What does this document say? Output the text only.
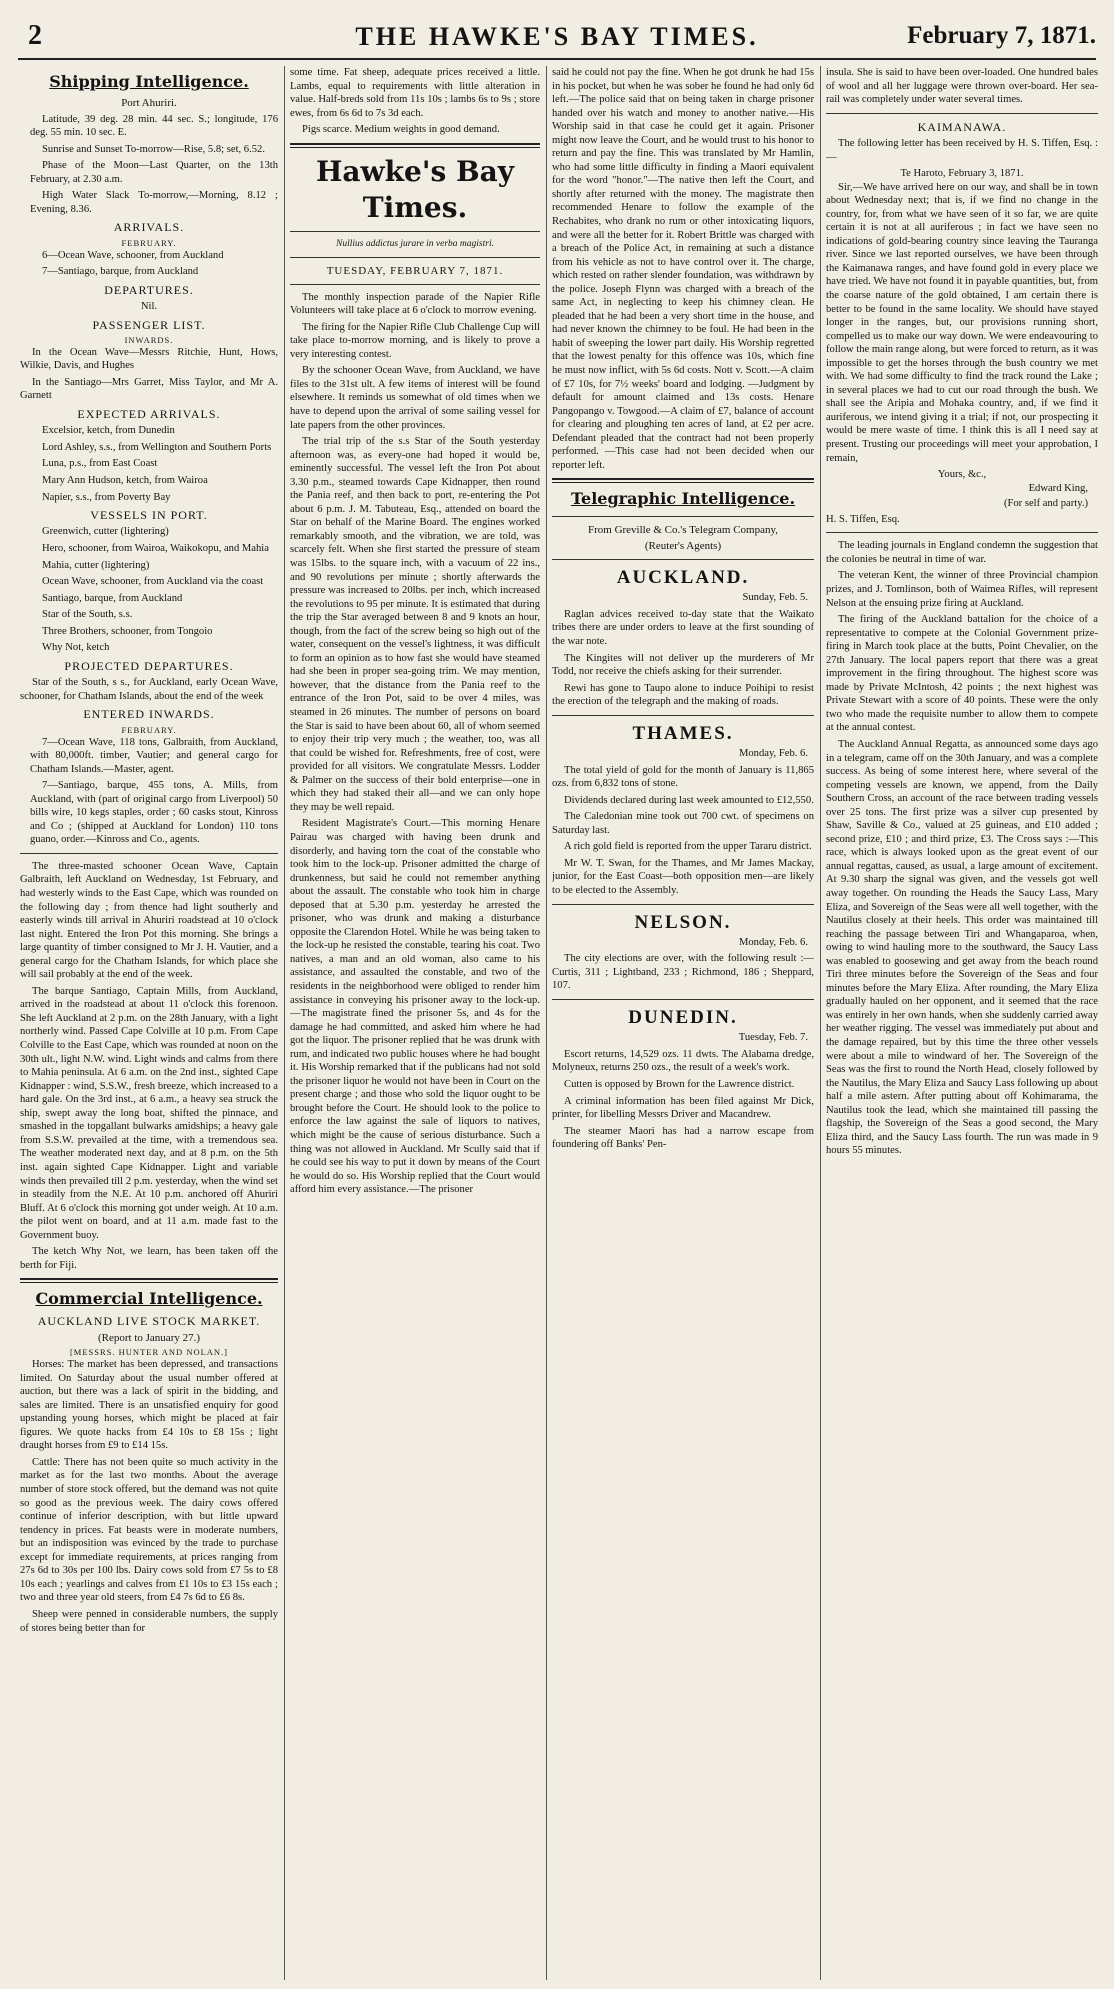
2	THE HAWKE'S BAY TIMES.	February 7, 1871.
Shipping Intelligence.
Port Ahuriri.

Latitude, 39 deg. 28 min. 44 sec. S.; longitude, 176 deg. 55 min. 10 sec. E.

Sunrise and Sunset To-morrow—Rise, 5.8; set, 6.52.

Phase of the Moon—Last Quarter, on the 13th February, at 2.30 a.m.

High Water Slack To-morrow,—Morning, 8.12 ; Evening, 8.36.

ARRIVALS.
FEBRUARY.

6—Ocean Wave, schooner, from Auckland

7—Santiago, barque, from Auckland

DEPARTURES.
Nil.
PASSENGER LIST.
INWARDS.

In the Ocean Wave—Messrs Ritchie, Hunt, Hows, Wilkie, Davis, and Hughes

In the Santiago—Mrs Garret, Miss Taylor, and Mr A. Garnett

EXPECTED ARRIVALS.

Excelsior, ketch, from Dunedin

Lord Ashley, s.s., from Wellington and Southern Ports

Luna, p.s., from East Coast

Mary Ann Hudson, ketch, from Wairoa

Napier, s.s., from Poverty Bay

VESSELS IN PORT.

Greenwich, cutter (lightering)

Hero, schooner, from Wairoa, Waikokopu, and Mahia

Mahia, cutter (lightering)

Ocean Wave, schooner, from Auckland via the coast

Santiago, barque, from Auckland

Star of the South, s.s.

Three Brothers, schooner, from Tongoio

Why Not, ketch

PROJECTED DEPARTURES.

Star of the South, s s., for Auckland, early Ocean Wave, schooner, for Chatham Islands, about the end of the week

ENTERED INWARDS.
FEBRUARY.

7—Ocean Wave, 118 tons, Galbraith, from Auckland, with 80,000ft. timber, Vautier; and general cargo for Chatham Islands.—Master, agent.

7—Santiago, barque, 455 tons, A. Mills, from Auckland, with (part of original cargo from Liverpool) 50 bills wire, 10 kegs staples, order ; 60 casks stout, Kinross and Co ; (shipped at Auckland for London) 110 tons guano, order.—Kinross and Co., agents.

The three-masted schooner Ocean Wave, Captain Galbraith, left Auckland on Wednesday, 1st February, and had westerly winds to the East Cape, which was rounded on the following day ; from thence had light southerly and easterly winds till arrival in Ahuriri roadstead at 10 o'clock last night. Entered the Iron Pot this morning. She brings a large quantity of timber consigned to Mr J. H. Vautier, and a general cargo for the Chatham Islands, for which place she will sail probably at the end of the week.

The barque Santiago, Captain Mills, from Auckland, arrived in the roadstead at about 11 o'clock this forenoon. She left Auckland at 2 p.m. on the 28th January, with a light northerly wind. Passed Cape Colville at 10 p.m. From Cape Colville to the East Cape, which was rounded at noon on the 30th ult., light N.W. wind. Light winds and calms from there to Mahia peninsula. At 6 a.m. on the 2nd inst., sighted Cape Kidnapper : wind, S.S.W., fresh breeze, which increased to a hard gale. On the 3rd inst., at 6 a.m., a heavy sea struck the ship, swept away the long boat, shifted the pinnace, and smashed in the topgallant bulwarks amidships; a heavy gale from S.S.W. prevailed at the time, with a tremendous sea. The weather moderated next day, and at 8 p.m. on the 5th inst. again sighted Cape Kidnapper. Light and variable winds then prevailed till 2 p.m. yesterday, when the wind set in steadily from the N.E. At 10 p.m. anchored off Ahuriri Bluff. At 6 o'clock this morning got under weigh. At 10 a.m. the pilot went on board, and at 11 a.m. made fast to the Government buoy.

The ketch Why Not, we learn, has been taken off the berth for Fiji.

Commercial Intelligence.
AUCKLAND LIVE STOCK MARKET.
(Report to January 27.)
[MESSRS. HUNTER AND NOLAN.]

Horses: The market has been depressed, and transactions limited. On Saturday about the usual number offered at auction, but there was a lack of spirit in the bidding, and sales are limited. There is an unsatisfied enquiry for good upstanding young horses, which might be placed at fair figures. We quote hacks from £4 10s to £8 15s ; light draught horses from £9 to £14 15s.

Cattle: There has not been quite so much activity in the market as for the last two months. About the average number of store stock offered, but the demand was not quite so good as the previous week. The dairy cows offered continue of inferior description, with but little upward tendency in prices. Fat beasts were in moderate numbers, but an indisposition was evinced by the trade to purchase except for immediate requirements, at prices ranging from 27s 6d to 30s per 100 lbs. Dairy cows sold from £7 5s to £8 10s each ; yearlings and calves from £1 10s to £3 15s each ; two and three year old steers, from £4 7s 6d to £6 8s.

Sheep were penned in considerable numbers, the supply of stores being better than for

some time. Fat sheep, adequate prices received a little. Lambs, equal to requirements with little alteration in value. Half-breds sold from 11s 10s ; lambs 6s to 9s ; store ewes, from 6s 6d to 7s 3d each.

Pigs scarce. Medium weights in good demand.

Hawke's Bay Times.
Nullius addictus jurare in verba magistri.
TUESDAY, FEBRUARY 7, 1871.

The monthly inspection parade of the Napier Rifle Volunteers will take place at 6 o'clock to morrow evening.

The firing for the Napier Rifle Club Challenge Cup will take place to-morrow morning, and is likely to prove a very interesting contest.

By the schooner Ocean Wave, from Auckland, we have files to the 31st ult. A few items of interest will be found elsewhere. It reminds us somewhat of old times when we have to depend upon the arrival of some sailing vessel for late papers from the other provinces.

The trial trip of the s.s Star of the South yesterday afternoon was, as every-one had hoped it would be, eminently successful. The vessel left the Iron Pot about 3.30 p.m., steamed towards Cape Kidnapper, then round the Pania reef, and then back to port, re-entering the Pot about 6 p.m. J. M. Tabuteau, Esq., attended on board the Star on behalf of the Marine Board. The engines worked remarkably smooth, and the vibration, we are told, was scarcely felt. When she first started the pressure of steam was 15lbs. to the square inch, with a vacuum of 22 ins., and 90 revolutions per minute ; shortly afterwards the pressure was increased to 20lbs. per inch, which increased the revolutions to 95 per minute. It is estimated that during the trip the Star averaged between 8 and 9 knots an hour, though, from the fact of the screw being so high out of the water, consequent on the vessel's lightness, it was difficult to form an opinion as to how fast she would have steamed had she been in proper sea-going trim. We may mention, however, that the distance from the Pania reef to the entrance of the Iron Pot, said to be over 4 miles, was steamed in 26 minutes. The number of persons on board the Star is said to have been about 60, all of whom seemed to enjoy their trip very much ; the weather, too, was all that could be wished for. Refreshments, free of cost, were provided for all visitors. We congratulate Messrs. Lodder & Palmer on the success of their bold enterprise—one in which they had staked their all—and we can only hope they may be well repaid.

Resident Magistrate's Court.—This morning Henare Pairau was charged with having been drunk and disorderly, and having torn the coat of the constable who took him to the lock-up. Prisoner admitted the charge of drunkenness, but said he could not remember anything about the assault. The constable who took him in charge deposed that at 5.30 p.m. yesterday he arrested the prisoner, who was drunk and making a disturbance opposite the Clarendon Hotel. While he was being taken to the lock-up he resisted the constable, tearing his coat. Two natives, a man and an old woman, also came to his assistance, and assaulted the constable, and two of the residents in the neighborhood were obliged to render him assistance in conveying his prisoner away to the lock-up.—The magistrate fined the prisoner 5s, and 4s for the damage he had committed, and asked him where he had got the liquor. The prisoner replied that he was drunk with rum, and indicated two public houses where he had bought it. His Worship remarked that if the publicans had not sold the prisoner liquor he would not have been in Court on the present charge ; and those who sold the liquor ought to be brought before the Court. He should look to the police to enforce the law against the sale of liquors to natives, which might be the cause of serious disturbance. Such a thing was not allowed in Auckland. Mr Scully said that if he could see his way to put it down by means of the Court he would do so. His Worship replied that the Court would afford him every assistance.—The prisoner

said he could not pay the fine. When he got drunk he had 15s in his pocket, but when he was sober he found he had only 6d left.—The police said that on being taken in charge prisoner handed over his watch and money to another native.—His Worship said in that case he could get it again. Prisoner might now leave the Court, and he would trust to his honor to return and pay the fine. This was translated by Mr Hamlin, who had some little difficulty in finding a Maori equivalent for the word "honor."—The native then left the Court, and shortly after returned with the money. The magistrate then recommended Henare to follow the example of the Rechabites, who drank no rum or other intoxicating liquors, and were all the better for it. Robert Brittle was charged with a breach of the Police Act, in remaining at such a distance from his vehicle as not to have control over it. The charge, which rested on rather slender foundation, was withdrawn by the police. Joseph Flynn was charged with a breach of the same Act, in neglecting to keep his chimney clean. He pleaded that he had been a very short time in the house, and had never known the chimney to be foul. He had been in the habit of sweeping the lower part daily. His Worship regretted that the lowest penalty for this offence was 10s, which fine he must now inflict, with 5s 6d costs. Nott v. Scott.—A claim of £7 10s, for 7½ weeks' board and lodging. —Judgment by default for amount claimed and 13s costs. Henare Pangopango v. Towgood.—A claim of £7, balance of account for clearing and ploughing ten acres of land, at £2 per acre. Defendant pleaded that the contract had not been properly performed. —This case had not been decided when our reporter left.

Telegraphic Intelligence.
From Greville & Co.'s Telegram Company,
(Reuter's Agents)
AUCKLAND.
Sunday, Feb. 5.

Raglan advices received to-day state that the Waikato tribes there are under orders to leave at the first sounding of the war note.

The Kingites will not deliver up the murderers of Mr Todd, nor receive the chiefs asking for their surrender.

Rewi has gone to Taupo alone to induce Poihipi to resist the erection of the telegraph and the making of roads.

THAMES.
Monday, Feb. 6.

The total yield of gold for the month of January is 11,865 ozs. from 6,832 tons of stone.

Dividends declared during last week amounted to £12,550.

The Caledonian mine took out 700 cwt. of specimens on Saturday last.

A rich gold field is reported from the upper Tararu district.

Mr W. T. Swan, for the Thames, and Mr James Mackay, junior, for the East Coast—both opposition men—are likely to be elected to the Assembly.

NELSON.
Monday, Feb. 6.

The city elections are over, with the following result :—Curtis, 311 ; Lightband, 233 ; Richmond, 186 ; Sheppard, 107.

DUNEDIN.
Tuesday, Feb. 7.

Escort returns, 14,529 ozs. 11 dwts. The Alabama dredge, Molyneux, returns 250 ozs., the result of a week's work.

Cutten is opposed by Brown for the Lawrence district.

A criminal information has been filed against Mr Dick, printer, for libelling Messrs Driver and Macandrew.

The steamer Maori has had a narrow escape from foundering off Banks' Pen-

insula. She is said to have been over-loaded. One hundred bales of wool and all her luggage were thrown over-board. Her sea-rail was completely under water several times.

KAIMANAWA.

The following letter has been received by H. S. Tiffen, Esq. :—

Te Haroto, February 3, 1871.

Sir,—We have arrived here on our way, and shall be in town about Wednesday next; that is, if we find no change in the country, for, from what we have seen of it so far, we are quite certain it is not at all auriferous ; in fact we have seen no indications of gold-bearing country since leaving the Tauranga river. Since we last reported ourselves, we have been through the Kaimanawa ranges, and have found gold in every place we have tried. We have not found it in payable quantities, but, from the coarse nature of the gold obtained, I am certain there is better to be found in the same locality. We should have stayed longer in the ranges, but, our provisions running short, compelled us to make our way down. We were endeavouring to follow the main range along, but were forced to return, as it was impossible to get the horses through the bush country we met with. We had some difficulty to find the track round the Lake ; in several places we had to cut our road through the bush. We shall see the Aripia and Mohaka country, and, if we find it auriferous, we intend giving it a trial; if not, our prospecting it would be mere waste of time. I think this is all I need say at present. Trusting our proceedings will meet your approbation, I remain,

Yours, &c.,
Edward King,
(For self and party.)

H. S. Tiffen, Esq.

The leading journals in England condemn the suggestion that the colonies be neutral in time of war.

The veteran Kent, the winner of three Provincial champion prizes, and J. Tomlinson, both of Waimea Rifles, will represent Nelson at the ensuing prize firing at Auckland.

The firing of the Auckland battalion for the choice of a representative to compete at the Colonial Government prize-firing in March took place at the butts, Point Chevalier, on the 27th January. The local papers report that there was a great improvement in the firing throughout. The highest score was made by Private McIntosh, 42 points ; the next highest was Private Stewart with a score of 40 points. These were the only two who made the requisite number to allow them to compete at the annual contest.

The Auckland Annual Regatta, as announced some days ago in a telegram, came off on the 30th January, and was a complete success. As being of some interest here, where several of the competing vessels are known, we append, from the Daily Southern Cross, an account of the race between trading vessels over 25 tons. The first prize was a silver cup presented by Shaw, Saville & Co., valued at 25 guineas, and £10 added ; second prize, £10 ; and third prize, £3. The Cross says :—This race, which is always looked upon as the great event of our annual regattas, caused, as usual, a large amount of excitement. At 9.30 sharp the signal was given, and the vessels got well away together. On rounding the Heads the Saucy Lass, Mary Eliza, and Sovereign of the Seas were all well together, with the Nautilus closely at their heels. This order was maintained till reaching the passage between Tiri and Whangaparoa, when, owing to wind hauling more to the southward, the Saucy Lass was enabled to goosewing and get away from the beach round Tiri three minutes before the Sovereign of the Seas and four minutes before the Mary Eliza. After rounding, the Mary Eliza gradually hauled on her opponent, and it seemed that the race was entirely in her own hands, when she suddenly carried away her weather rigging. The vessel was immediately put about and the damage repaired, but by this time the three other vessels were about a mile to windward of her. The Sovereign of the Seas was the first to round the North Head, closely followed by the Nautilus, the Mary Eliza and Saucy Lass following up about half a mile astern. After putting about off Kohimarama, the Nautilus took the lead, which she maintained till passing the flagship, the Sovereign of the Seas a good second, the Mary Eliza third, and the Saucy Lass fourth. The run was made in 9 hours 55 minutes.
